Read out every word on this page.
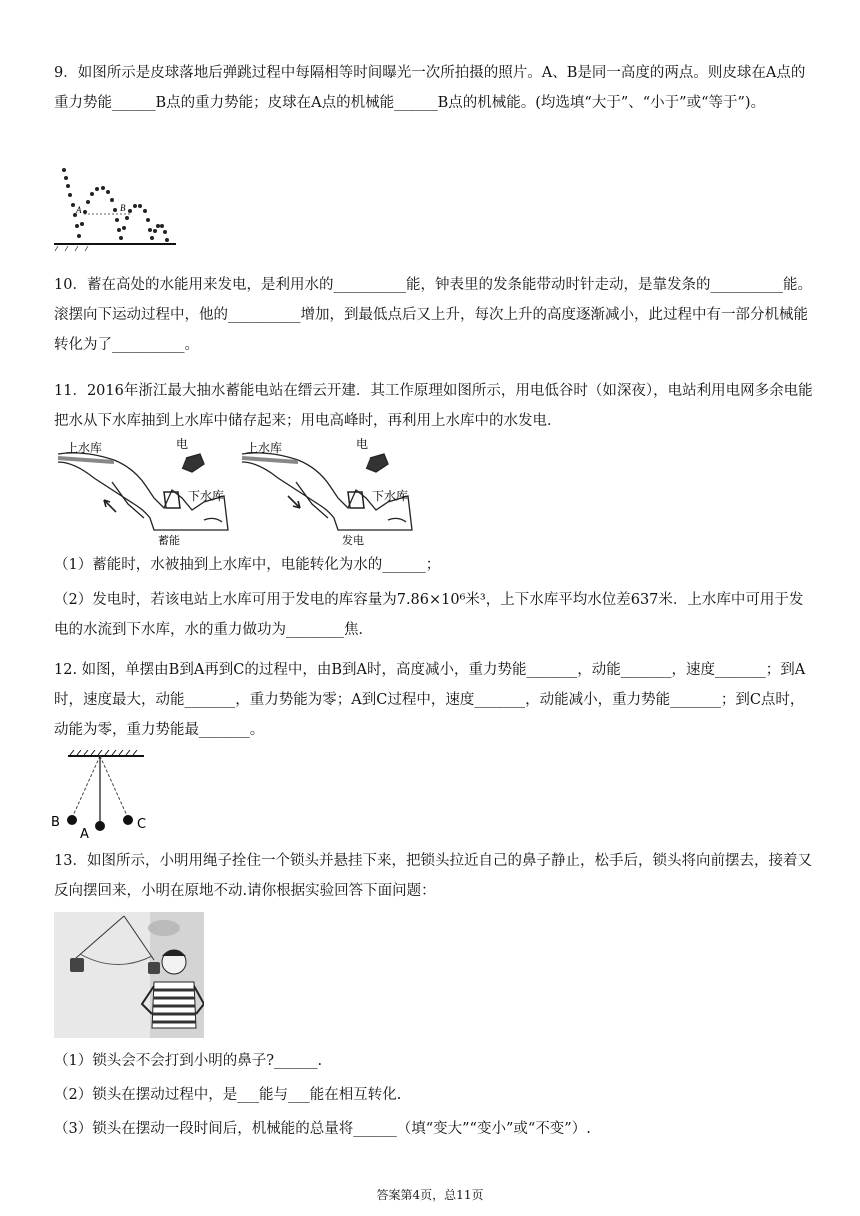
9．如图所示是皮球落地后弹跳过程中每隔相等时间曝光一次所拍摄的照片。A、B是同一高度的两点。则皮球在A点的重力势能______B点的重力势能；皮球在A点的机械能______B点的机械能。(均选填“大于”、“小于”或“等于”)。

A	B

10．蓄在高处的水能用来发电，是利用水的__________能，钟表里的发条能带动时针走动，是靠发条的__________能。滚摆向下运动过程中，他的__________增加，到最低点后又上升，每次上升的高度逐渐减小，此过程中有一部分机械能转化为了__________。

11．2016年浙江最大抽水蓄能电站在缙云开建．其工作原理如图所示，用电低谷时（如深夜），电站利用电网多余电能把水从下水库抽到上水库中储存起来；用电高峰时，再利用上水库中的水发电．

上水库	电
下水库
蓄能
上水库	电
下水库
发电

（1）蓄能时，水被抽到上水库中，电能转化为水的______；

（2）发电时，若该电站上水库可用于发电的库容量为7.86×10⁶米³，上下水库平均水位差637米．上水库中可用于发电的水流到下水库，水的重力做功为________焦．

12. 如图，单摆由B到A再到C的过程中，由B到A时，高度减小，重力势能_______，动能_______，速度_______；到A时，速度最大，动能_______，重力势能为零；A到C过程中，速度_______，动能减小，重力势能_______；到C点时，动能为零，重力势能最_______。

B
A
C

13．如图所示，小明用绳子拴住一个锁头并悬挂下来，把锁头拉近自己的鼻子静止，松手后，锁头将向前摆去，接着又反向摆回来，小明在原地不动.请你根据实验回答下面问题：

（1）锁头会不会打到小明的鼻子?______.

（2）锁头在摆动过程中，是___能与___能在相互转化.

（3）锁头在摆动一段时间后，机械能的总量将______（填“变大”“变小”或“不变”）.

答案第4页，总11页
